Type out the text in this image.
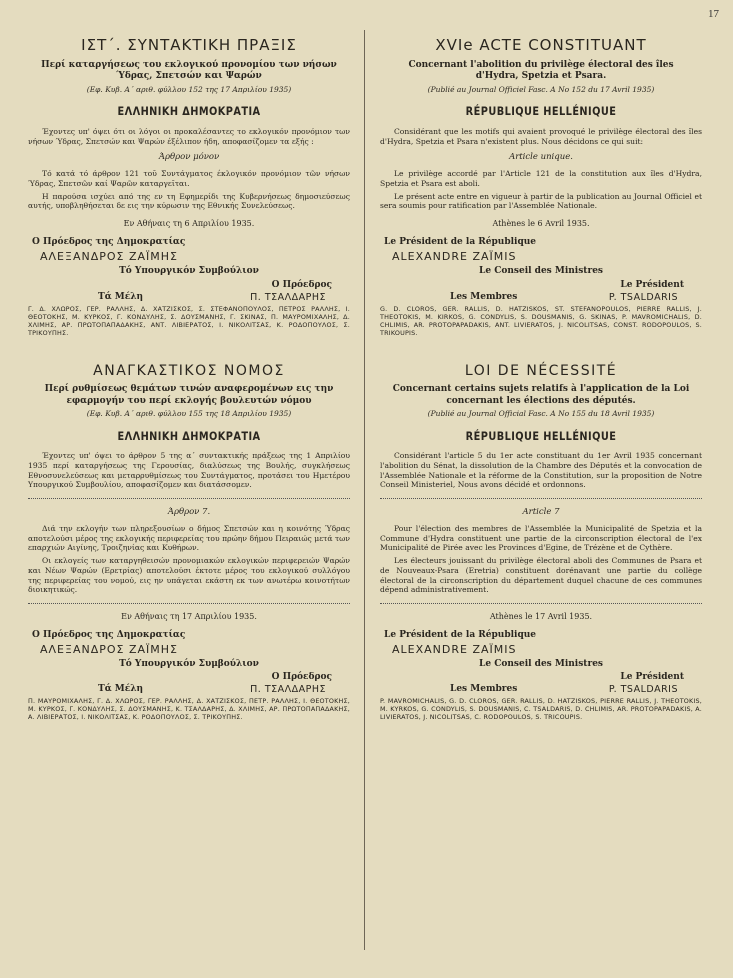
17
ΙΣΤ΄. ΣΥΝΤΑΚΤΙΚΗ ΠΡΑΞΙΣ
Περί καταργήσεως του εκλογικού προνομίου των νήσων Ύδρας, Σπετσών και Ψαρών
(Εφ. Κυβ. Α΄ αριθ. φύλλου 152 της 17 Απριλίου 1935)
ΕΛΛΗΝΙΚΗ ΔΗΜΟΚΡΑΤΙΑ

Έχοντες υπ' όψει ότι οι λόγοι οι προκαλέσαντες το εκλογικόν προνόμιον των νήσων Ύδρας, Σπετσών και Ψαρών έξέλιπον ήδη, αποφασίζομεν τα εξής :

Άρθρον μόνον

Τό κατά τό άρθρον 121 τοῦ Συντάγματος έκλογικόν προνόμιον τῶν νήσων Ύδρας, Σπετσῶν καί Ψαρῶν καταργεῖται.

Η παρούσα ισχύει από της εν τη Εφημερίδι της Κυβερνήσεως δημοσιεύσεως αυτής, υποβληθήσεται δε εις την κύρωσιν της Εθνικής Συνελεύσεως.

Εν Αθήναις τη 6 Απριλίου 1935.
Ο Πρόεδρος της Δημοκρατίας
ΑΛΕΞΑΝΔΡΟΣ ΖΑΪΜΗΣ
Τό Υπουργικόν Συμβούλιον
Ο Πρόεδρος
Τά Μέλη	Π. ΤΣΑΛΔΑΡΗΣ
Γ. Δ. ΧΛΩΡΟΣ, ΓΕΡ. ΡΑΛΛΗΣ, Δ. ΧΑΤΖΙΣΚΟΣ, Σ. ΣΤΕΦΑΝΟΠΟΥΛΟΣ, ΠΕΤΡΟΣ ΡΑΛΛΗΣ, Ι. ΘΕΟΤΟΚΗΣ, Μ. ΚΥΡΚΟΣ, Γ. ΚΟΝΔΥΛΗΣ, Σ. ΔΟΥΣΜΑΝΗΣ, Γ. ΣΚΙΝΑΣ, Π. ΜΑΥΡΟΜΙΧΑΛΗΣ, Δ. ΧΛΙΜΗΣ, ΑΡ. ΠΡΩΤΟΠΑΠΑΔΑΚΗΣ, ΑΝΤ. ΛΙΒΙΕΡΑΤΟΣ, Ι. ΝΙΚΟΛΙΤΣΑΣ, Κ. ΡΟΔΟΠΟΥΛΟΣ, Σ. ΤΡΙΚΟΥΠΗΣ.
ΑΝΑΓΚΑΣΤΙΚΟΣ ΝΟΜΟΣ
Περί ρυθμίσεως θεμάτων τινών αναφερομένων εις την εφαρμογήν του περί εκλογής βουλευτών νόμου
(Εφ. Κυβ. Α΄ αριθ. φύλλου 155 της 18 Απριλίου 1935)
ΕΛΛΗΝΙΚΗ ΔΗΜΟΚΡΑΤΙΑ

Έχοντες υπ' όψει το άρθρον 5 της α΄ συντακτικής πράξεως της 1 Απριλίου 1935 περί καταργήσεως της Γερουσίας, διαλύσεως της Βουλής, συγκλήσεως Εθνοσυνελεύσεως και μεταρρυθμίσεως του Συντάγματος, προτάσει του Ημετέρου Υπουργικού Συμβουλίου, αποφασίζομεν και διατάσσομεν.

Άρθρον 7.

Διά την εκλογήν των πληρεξουσίων ο δήμος Σπετσών και η κοινότης Ύδρας αποτελούσι μέρος της εκλογικής περιφερείας του πρώην δήμου Πειραιώς μετά των επαρχιών Αιγίνης, Τροιζηνίας και Κυθήρων.

Οι εκλογείς των καταργηθεισών προνομιακών εκλογικών περιφερειών Ψαρών και Νέων Ψαρών (Ερετρίας) αποτελούσι έκτοτε μέρος του εκλογικού συλλόγου της περιφερείας του νομού, εις ην υπάγεται εκάστη εκ των ανωτέρω κοινοτήτων διοικητικώς.

Εν Αθήναις τη 17 Απριλίου 1935.
Ο Πρόεδρος της Δημοκρατίας
ΑΛΕΞΑΝΔΡΟΣ ΖΑΪΜΗΣ
Τό Υπουργικόν Συμβούλιον
Ο Πρόεδρος
Τά Μέλη	Π. ΤΣΑΛΔΑΡΗΣ
Π. ΜΑΥΡΟΜΙΧΑΛΗΣ, Γ. Δ. ΧΛΩΡΟΣ, ΓΕΡ. ΡΑΛΛΗΣ, Δ. ΧΑΤΖΙΣΚΟΣ, ΠΕΤΡ. ΡΑΛΛΗΣ, Ι. ΘΕΟΤΟΚΗΣ, Μ. ΚΥΡΚΟΣ, Γ. ΚΟΝΔΥΛΗΣ, Σ. ΔΟΥΣΜΑΝΗΣ, Κ. ΤΣΑΛΔΑΡΗΣ, Δ. ΧΛΙΜΗΣ, ΑΡ. ΠΡΩΤΟΠΑΠΑΔΑΚΗΣ, Α. ΛΙΒΙΕΡΑΤΟΣ, Ι. ΝΙΚΟΛΙΤΣΑΣ, Κ. ΡΟΔΟΠΟΥΛΟΣ, Σ. ΤΡΙΚΟΥΠΗΣ.
XVIe ACTE CONSTITUANT
Concernant l'abolition du privilège électoral des îles d'Hydra, Spetzia et Psara.
(Publié au Journal Officiel Fasc. A No 152 du 17 Avril 1935)
RÉPUBLIQUE HELLÉNIQUE

Considérant que les motifs qui avaient provoqué le privilège électoral des îles d'Hydra, Spetzia et Psara n'existent plus. Nous décidons ce qui suit:

Article unique.

Le privilège accordé par l'Article 121 de la constitution aux îles d'Hydra, Spetzia et Psara est aboli.

Le présent acte entre en vigueur à partir de la publication au Journal Officiel et sera soumis pour ratification par l'Assemblée Nationale.

Athènes le 6 Avril 1935.
Le Président de la République
ALEXANDRE ZAÏMIS
Le Conseil des Ministres
Le Président
Les Membres	P. TSALDARIS
G. D. CLOROS, GER. RALLIS, D. HATZISKOS, ST. STEFANOPOULOS, PIERRE RALLIS, J. THEOTOKIS, M. KIRKOS, G. CONDYLIS, S. DOUSMANIS, G. SKINAS, P. MAVROMICHALIS, D. CHLIMIS, AR. PROTOPAPADAKIS, ANT. LIVIERATOS, J. NICOLITSAS, CONST. RODOPOULOS, S. TRIKOUPIS.
LOI DE NÉCESSITÉ
Concernant certains sujets relatifs à l'application de la Loi concernant les élections des députés.
(Publié au Journal Official Fasc. A No 155 du 18 Avril 1935)
RÉPUBLIQUE HELLÉNIQUE

Considérant l'article 5 du 1er acte constituant du 1er Avril 1935 concernant l'abolition du Sénat, la dissolution de la Chambre des Députés et la convocation de l'Assemblée Nationale et la réforme de la Constitution, sur la proposition de Notre Conseil Ministeriel, Nous avons décidé et ordonnons.

Article 7

Pour l'élection des membres de l'Assemblée la Municipalité de Spetzia et la Commune d'Hydra constituent une partie de la circonscription électoral de l'ex Municipalité de Pirée avec les Provinces d'Egine, de Trézène et de Cythère.

Les électeurs jouissant du privilège électoral aboli des Communes de Psara et de Nouveaux-Psara (Eretria) constituent dorénavant une partie du collège électoral de la circonscription du département duquel chacune de ces communes dépend administrativement.

Athènes le 17 Avril 1935.
Le Président de la République
ALEXANDRE ZAÏMIS
Le Conseil des Ministres
Le Président
Les Membres	P. TSALDARIS
P. MAVROMICHALIS, G. D. CLOROS, GER. RALLIS, D. HATZISKOS, PIERRE RALLIS, J. THEOTOKIS, M. KYRKOS, G. CONDYLIS, S. DOUSMANIS, C. TSALDARIS, D. CHLIMIS, AR. PROTOPAPADAKIS, A. LIVIERATOS, J. NICOLITSAS, C. RODOPOULOS, S. TRICOUPIS.
